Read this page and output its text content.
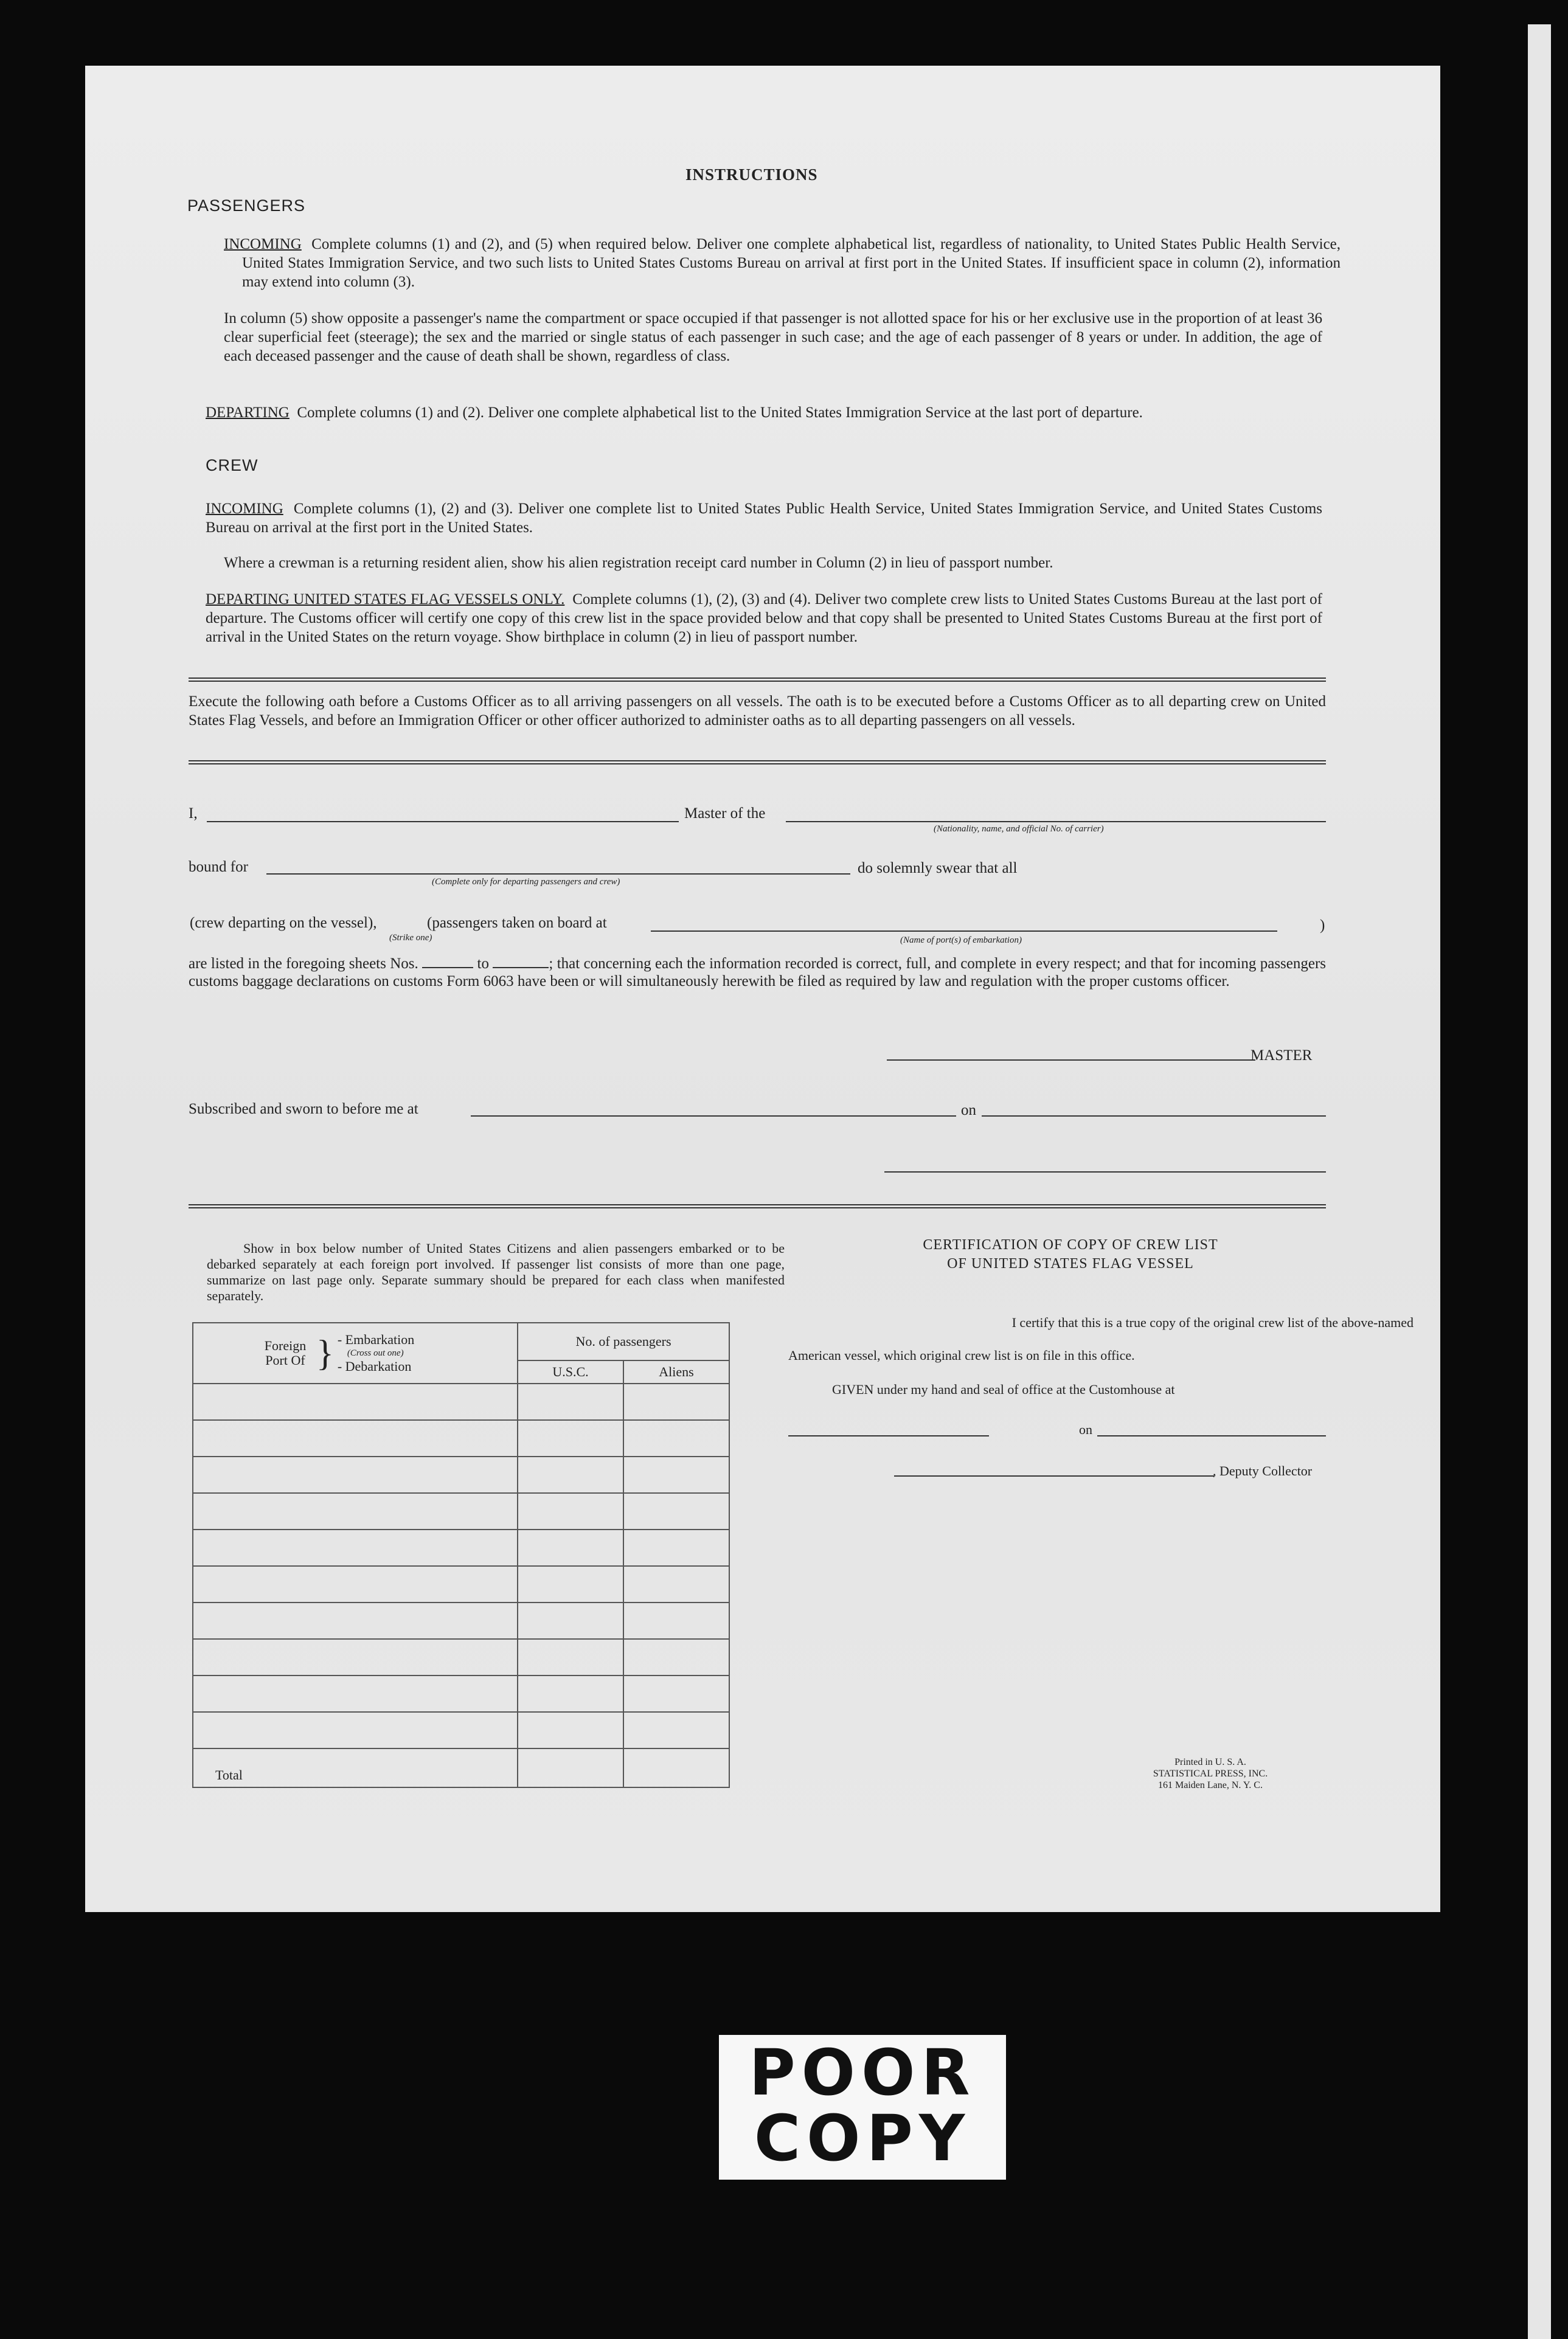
INSTRUCTIONS
PASSENGERS
INCOMING Complete columns (1) and (2), and (5) when required below. Deliver one complete alphabetical list, regardless of nationality, to United States Public Health Service, United States Immigration Service, and two such lists to United States Customs Bureau on arrival at first port in the United States. If insufficient space in column (2), information may extend into column (3).
In column (5) show opposite a passenger's name the compartment or space occupied if that passenger is not allotted space for his or her exclusive use in the proportion of at least 36 clear superficial feet (steerage); the sex and the married or single status of each passenger in such case; and the age of each passenger of 8 years or under. In addition, the age of each deceased passenger and the cause of death shall be shown, regardless of class.
DEPARTING Complete columns (1) and (2). Deliver one complete alphabetical list to the United States Immigration Service at the last port of departure.
CREW
INCOMING Complete columns (1), (2) and (3). Deliver one complete list to United States Public Health Service, United States Immigration Service, and United States Customs Bureau on arrival at the first port in the United States.
Where a crewman is a returning resident alien, show his alien registration receipt card number in Column (2) in lieu of passport number.
DEPARTING UNITED STATES FLAG VESSELS ONLY. Complete columns (1), (2), (3) and (4). Deliver two complete crew lists to United States Customs Bureau at the last port of departure. The Customs officer will certify one copy of this crew list in the space provided below and that copy shall be presented to United States Customs Bureau at the first port of arrival in the United States on the return voyage. Show birthplace in column (2) in lieu of passport number.
Execute the following oath before a Customs Officer as to all arriving passengers on all vessels. The oath is to be executed before a Customs Officer as to all departing crew on United States Flag Vessels, and before an Immigration Officer or other officer authorized to administer oaths as to all departing passengers on all vessels.
I,	Master of the
(Nationality, name, and official No. of carrier)
bound for
(Complete only for departing passengers and crew)
do solemnly swear that all
(crew departing on the vessel),	(passengers taken on board at
(Strike one)	(Name of port(s) of embarkation)
)
are listed in the foregoing sheets Nos.	to	; that concerning each the information recorded is correct, full, and complete in every respect; and that for incoming passengers customs baggage declarations on customs Form 6063 have been or will simultaneously herewith be filed as required by law and regulation with the proper customs officer.
MASTER
Subscribed and sworn to before me at	on
Show in box below number of United States Citizens and alien passengers embarked or to be debarked separately at each foreign port involved. If passenger list consists of more than one page, summarize on last page only. Separate summary should be prepared for each class when manifested separately.
Foreign Port Of } - Embarkation
(Cross out one)
- Debarkation	No. of passengers	
	U.S.C.	Aliens

Total		
CERTIFICATION OF COPY OF CREW LIST
OF UNITED STATES FLAG VESSEL
I certify that this is a true copy of the original crew list of the above-named
American vessel, which original crew list is on file in this office.
GIVEN under my hand and seal of office at the Customhouse at
on
, Deputy Collector
Printed in U. S. A.
STATISTICAL PRESS, INC.
161 Maiden Lane, N. Y. C.
POOR
COPY
